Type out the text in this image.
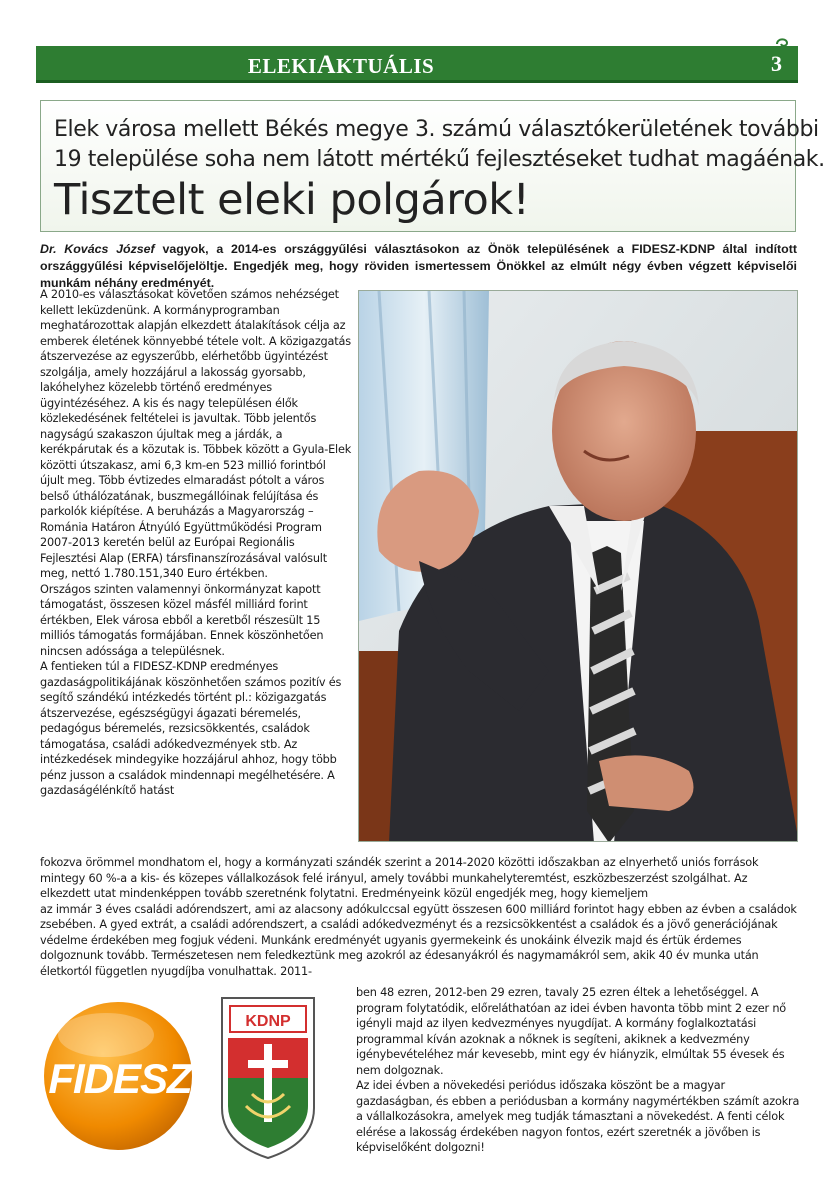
ELEKIAKTUÁLIS	3
Elek városa mellett Békés megye 3. számú választókerületének további
19 települése soha nem látott mértékű fejlesztéseket tudhat magáénak.
Tisztelt eleki polgárok!
Dr. Kovács József vagyok, a 2014-es országgyűlési választásokon az Önök településének a FIDESZ-KDNP által indított országgyűlési képviselőjelöltje. Engedjék meg, hogy röviden ismertessem Önökkel az elmúlt négy évben végzett képviselői munkám néhány eredményét.

A 2010-es választásokat követően számos nehézséget kellett leküzdenünk. A kormányprogramban meghatározottak alapján elkezdett átalakítások célja az emberek életének könnyebbé tétele volt. A közigazgatás átszervezése az egyszerűbb, elérhetőbb ügyintézést szolgálja, amely hozzájárul a lakosság gyorsabb, lakóhelyhez közelebb történő eredményes ügyintézéséhez. A kis és nagy településen élők közlekedésének feltételei is javultak. Több jelentős nagyságú szakaszon újultak meg a járdák, a kerékpárutak és a közutak is. Többek között a Gyula-Elek közötti útszakasz, ami 6,3 km-en 523 millió forintból újult meg. Több évtizedes elmaradást pótolt a város belső úthálózatának, buszmegállóinak felújítása és parkolók kiépítése. A beruházás a Magyarország – Románia Határon Átnyúló Együttműködési Program 2007-2013 keretén belül az Európai Regionális Fejlesztési Alap (ERFA) társfinanszírozásával valósult meg, nettó 1.780.151,340 Euro értékben.

Országos szinten valamennyi önkormányzat kapott támogatást, összesen közel másfél milliárd forint értékben, Elek városa ebből a keretből részesült 15 milliós támogatás formájában. Ennek köszönhetően nincsen adóssága a településnek.

A fentieken túl a FIDESZ-KDNP eredményes gazdaságpolitikájának köszönhetően számos pozitív és segítő szándékú intézkedés történt pl.: közigazgatás átszervezése, egészségügyi ágazati béremelés, pedagógus béremelés, rezsicsökkentés, családok támogatása, családi adókedvezmények stb. Az intézkedések mindegyike hozzájárul ahhoz, hogy több pénz jusson a családok mindennapi megélhetésére. A gazdaságélénkítő hatást

fokozva örömmel mondhatom el, hogy a kormányzati szándék szerint a 2014-2020 közötti időszakban az elnyerhető uniós források mintegy 60 %-a a kis- és közepes vállalkozások felé irányul, amely további munkahelyteremtést, eszközbeszerzést szolgálhat. Az elkezdett utat mindenképpen tovább szeretnénk folytatni. Eredményeink közül engedjék meg, hogy kiemeljem

az immár 3 éves családi adórendszert, ami az alacsony adókulccsal együtt összesen 600 milliárd forintot hagy ebben az évben a családok zsebében. A gyed extrát, a családi adórendszert, a családi adókedvezményt és a rezsicsökkentést a családok és a jövő generációjának védelme érdekében meg fogjuk védeni. Munkánk eredményét ugyanis gyermekeink és unokáink élvezik majd és értük érdemes dolgoznunk tovább. Természetesen nem feledkeztünk meg azokról az édesanyákról és nagymamákról sem, akik 40 év munka után életkortól független nyugdíjba vonulhattak. 2011-

ben 48 ezren, 2012-ben 29 ezren, tavaly 25 ezren éltek a lehetőséggel. A program folytatódik, előreláthatóan az idei évben havonta több mint 2 ezer nő igényli majd az ilyen kedvezményes nyugdíjat. A kormány foglalkoztatási programmal kíván azoknak a nőknek is segíteni, akiknek a kedvezmény igénybevételéhez már kevesebb, mint egy év hiányzik, elmúltak 55 évesek és nem dolgoznak.

Az idei évben a növekedési periódus időszaka köszönt be a magyar gazdaságban, és ebben a periódusban a kormány nagymértékben számít azokra a vállalkozásokra, amelyek meg tudják támasztani a növekedést. A fenti célok elérése a lakosság érdekében nagyon fontos, ezért szeretnék a jövőben is képviselőként dolgozni!

FIDESZ
KDNP
